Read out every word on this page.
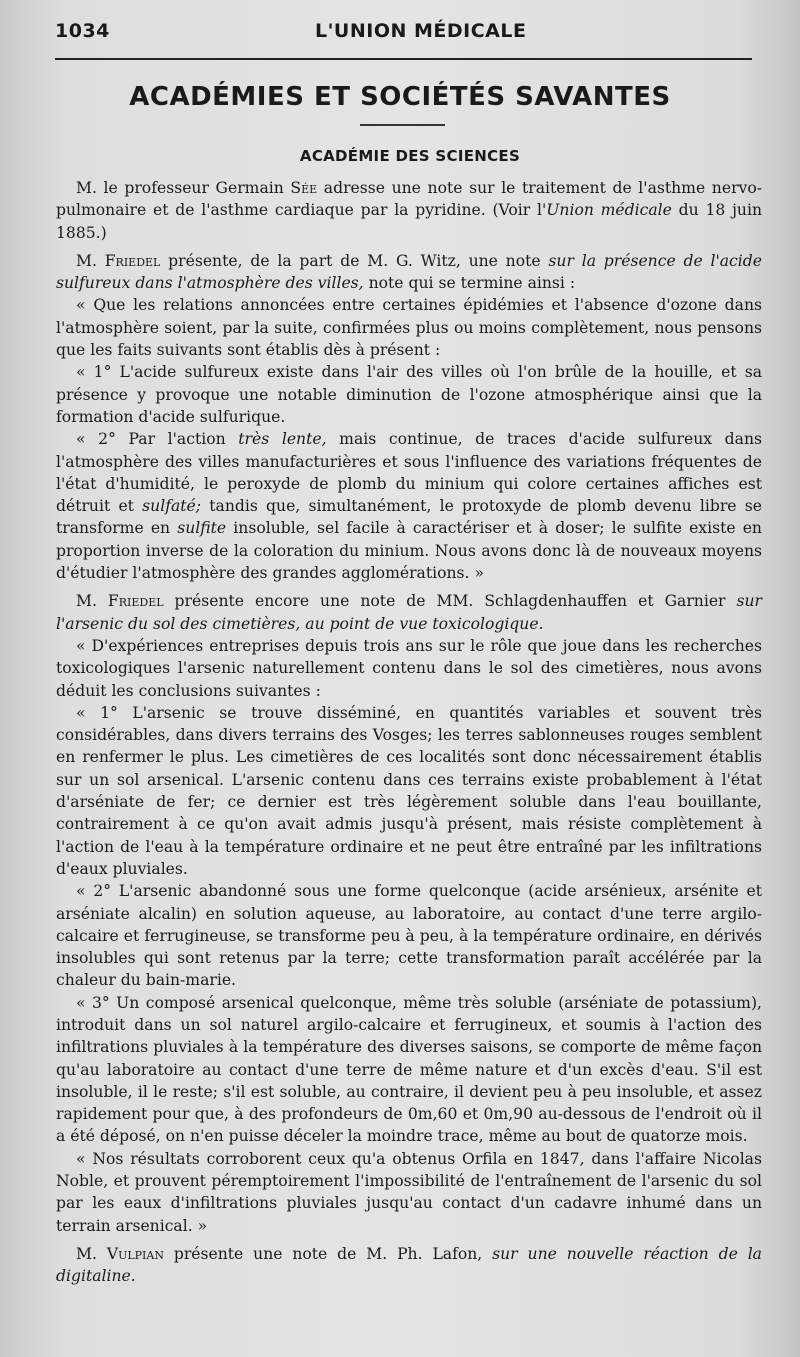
1034	L'UNION MÉDICALE
ACADÉMIES ET SOCIÉTÉS SAVANTES
ACADÉMIE DES SCIENCES

M. le professeur Germain Sée adresse une note sur le traitement de l'asthme nervo-pulmonaire et de l'asthme cardiaque par la pyridine. (Voir l'Union médicale du 18 juin 1885.)

M. Friedel présente, de la part de M. G. Witz, une note sur la présence de l'acide sulfureux dans l'atmosphère des villes, note qui se termine ainsi :

« Que les relations annoncées entre certaines épidémies et l'absence d'ozone dans l'atmosphère soient, par la suite, confirmées plus ou moins complètement, nous pensons que les faits suivants sont établis dès à présent :

« 1° L'acide sulfureux existe dans l'air des villes où l'on brûle de la houille, et sa présence y provoque une notable diminution de l'ozone atmosphérique ainsi que la formation d'acide sulfurique.

« 2° Par l'action très lente, mais continue, de traces d'acide sulfureux dans l'atmosphère des villes manufacturières et sous l'influence des variations fréquentes de l'état d'humidité, le peroxyde de plomb du minium qui colore certaines affiches est détruit et sulfaté; tandis que, simultanément, le protoxyde de plomb devenu libre se transforme en sulfite insoluble, sel facile à caractériser et à doser; le sulfite existe en proportion inverse de la coloration du minium. Nous avons donc là de nouveaux moyens d'étudier l'atmosphère des grandes agglomérations. »

M. Friedel présente encore une note de MM. Schlagdenhauffen et Garnier sur l'arsenic du sol des cimetières, au point de vue toxicologique.

« D'expériences entreprises depuis trois ans sur le rôle que joue dans les recherches toxicologiques l'arsenic naturellement contenu dans le sol des cimetières, nous avons déduit les conclusions suivantes :

« 1° L'arsenic se trouve disséminé, en quantités variables et souvent très considérables, dans divers terrains des Vosges; les terres sablonneuses rouges semblent en renfermer le plus. Les cimetières de ces localités sont donc nécessairement établis sur un sol arsenical. L'arsenic contenu dans ces terrains existe probablement à l'état d'arséniate de fer; ce dernier est très légèrement soluble dans l'eau bouillante, contrairement à ce qu'on avait admis jusqu'à présent, mais résiste complètement à l'action de l'eau à la température ordinaire et ne peut être entraîné par les infiltrations d'eaux pluviales.

« 2° L'arsenic abandonné sous une forme quelconque (acide arsénieux, arsénite et arséniate alcalin) en solution aqueuse, au laboratoire, au contact d'une terre argilo-calcaire et ferrugineuse, se transforme peu à peu, à la température ordinaire, en dérivés insolubles qui sont retenus par la terre; cette transformation paraît accélérée par la chaleur du bain-marie.

« 3° Un composé arsenical quelconque, même très soluble (arséniate de potassium), introduit dans un sol naturel argilo-calcaire et ferrugineux, et soumis à l'action des infiltrations pluviales à la température des diverses saisons, se comporte de même façon qu'au laboratoire au contact d'une terre de même nature et d'un excès d'eau. S'il est insoluble, il le reste; s'il est soluble, au contraire, il devient peu à peu insoluble, et assez rapidement pour que, à des profondeurs de 0m,60 et 0m,90 au-dessous de l'endroit où il a été déposé, on n'en puisse déceler la moindre trace, même au bout de quatorze mois.

« Nos résultats corroborent ceux qu'a obtenus Orfila en 1847, dans l'affaire Nicolas Noble, et prouvent péremptoirement l'impossibilité de l'entraînement de l'arsenic du sol par les eaux d'infiltrations pluviales jusqu'au contact d'un cadavre inhumé dans un terrain arsenical. »

M. Vulpian présente une note de M. Ph. Lafon, sur une nouvelle réaction de la digitaline.
